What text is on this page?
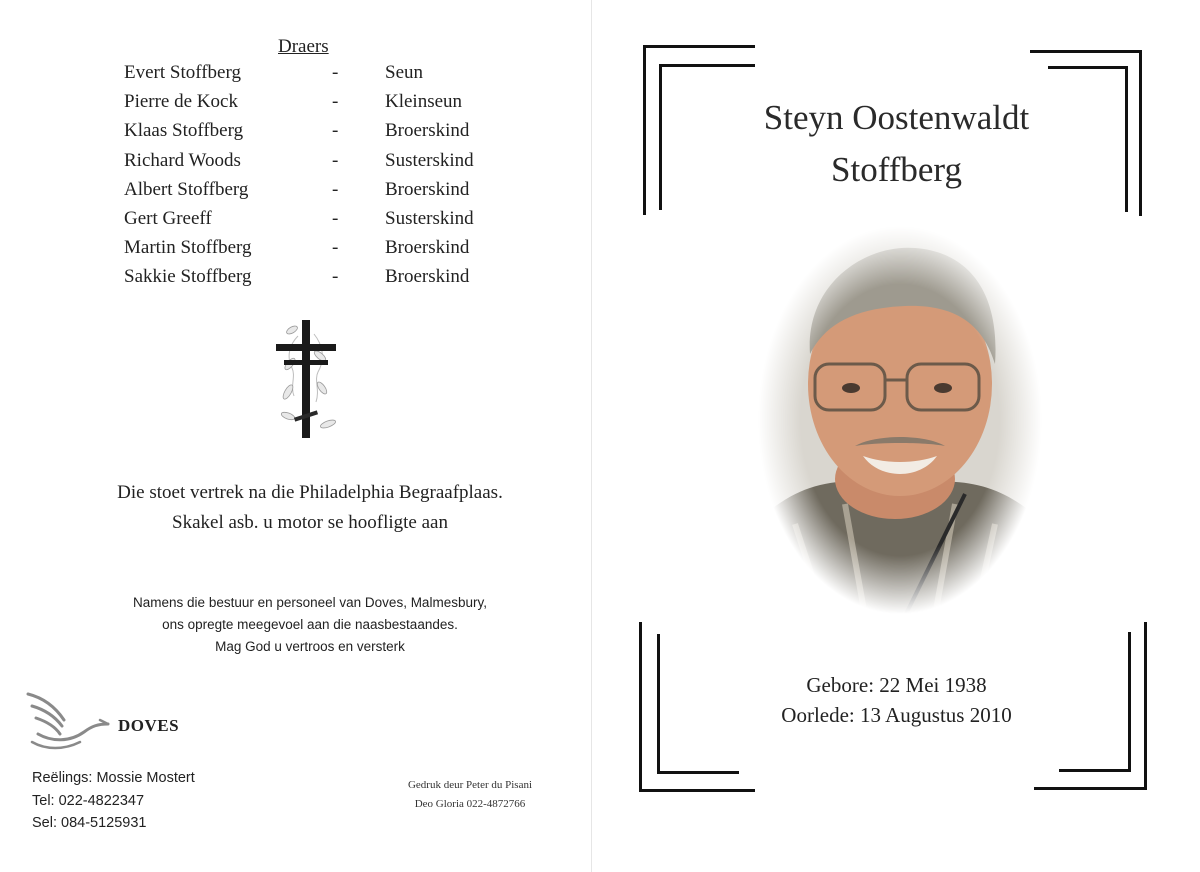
Draers
Evert Stoffberg	- Seun
Pierre de Kock	- Kleinseun
Klaas Stoffberg	- Broerskind
Richard Woods	- Susterskind
Albert Stoffberg	- Broerskind
Gert Greeff	- Susterskind
Martin Stoffberg	- Broerskind
Sakkie Stoffberg	- Broerskind
Die stoet vertrek na die Philadelphia Begraafplaas.
Skakel asb. u motor se hoofligte aan
Namens die bestuur en personeel van Doves, Malmesbury,
ons opregte meegevoel aan die naasbestaandes.
Mag God u vertroos en versterk
DOVES
Reëlings: Mossie Mostert
Tel: 022-4822347
Sel: 084-5125931
Gedruk deur Peter du Pisani
Deo Gloria 022-4872766
Steyn Oostenwaldt
Stoffberg
Gebore: 22 Mei 1938
Oorlede: 13 Augustus 2010
